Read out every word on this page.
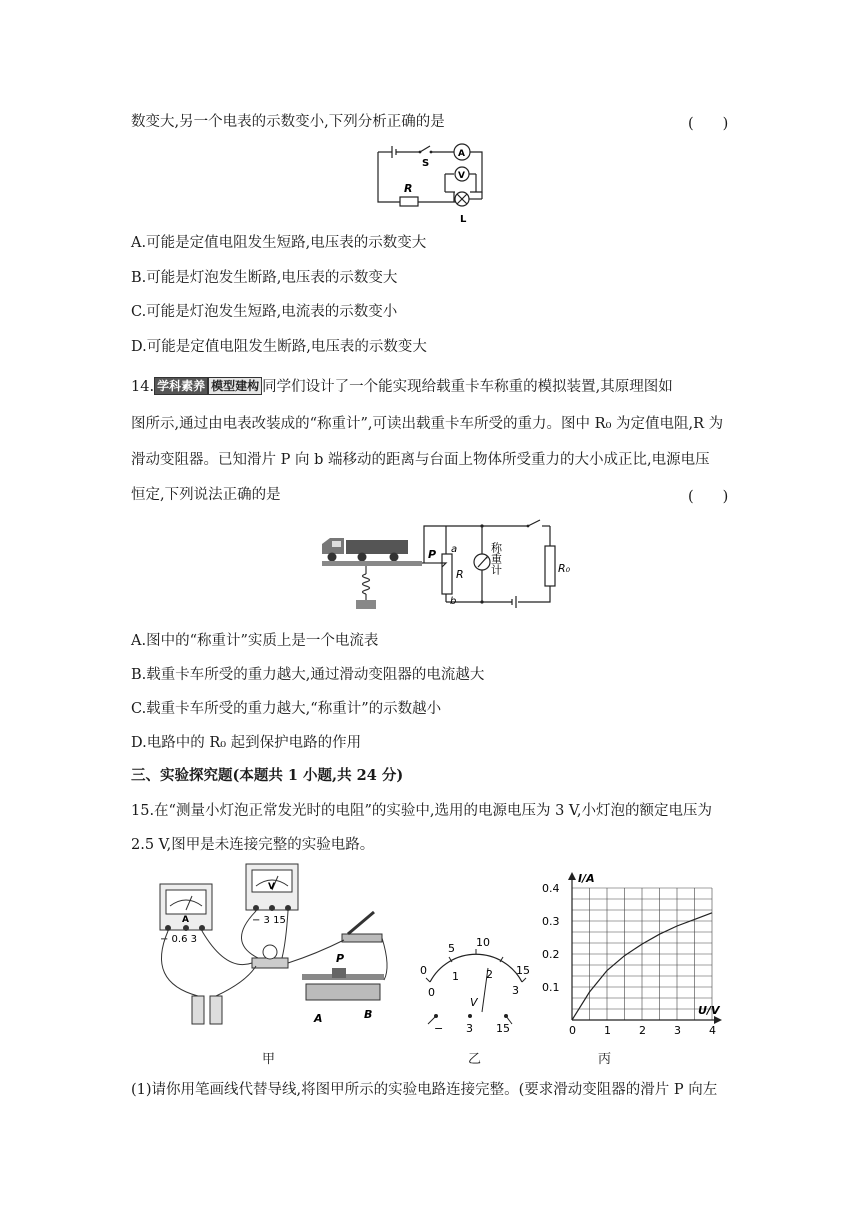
数变大,另一个电表的示数变小,下列分析正确的是	(　　)
S
A
V
R
L
A.可能是定值电阻发生短路,电压表的示数变大
B.可能是灯泡发生断路,电压表的示数变大
C.可能是灯泡发生短路,电流表的示数变小
D.可能是定值电阻发生断路,电压表的示数变大
14. 学科素养 模型建构 同学们设计了一个能实现给载重卡车称重的模拟装置,其原理图如
图所示,通过由电表改装成的“称重计”,可读出载重卡车所受的重力。图中 R₀ 为定值电阻,R 为
滑动变阻器。已知滑片 P 向 b 端移动的距离与台面上物体所受重力的大小成正比,电源电压
恒定,下列说法正确的是	(　　)
P a
R
b
称重计	R₀
A.图中的“称重计”实质上是一个电流表
B.载重卡车所受的重力越大,通过滑动变阻器的电流越大
C.载重卡车所受的重力越大,“称重计”的示数越小
D.电路中的 R₀ 起到保护电路的作用
三、实验探究题(本题共 1 小题,共 24 分)
15.在“测量小灯泡正常发光时的电阻”的实验中,选用的电源电压为 3 V,小灯泡的额定电压为
2.5 V,图甲是未连接完整的实验电路。
A
− 0.6 3
V
− 3 15
P
A	B
甲
0
5 10
15
0
1 2
3
V
− 3 15
乙
I/A
U/V
0	1	2	3	4
0.1
0.2
0.3
0.4
丙
(1)请你用笔画线代替导线,将图甲所示的实验电路连接完整。(要求滑动变阻器的滑片 P 向左
